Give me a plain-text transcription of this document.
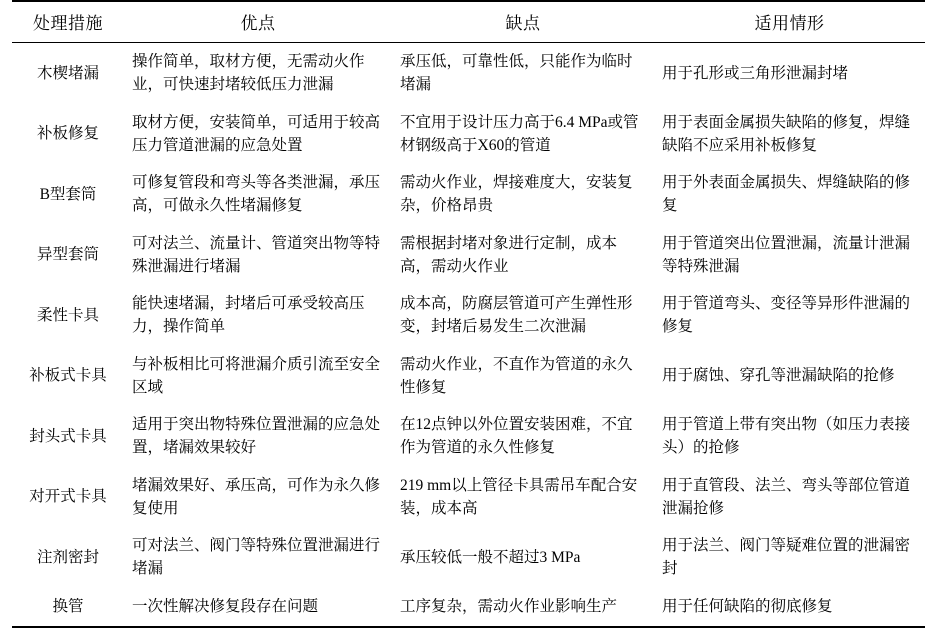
处理措施	优点	缺点	适用情形
木楔堵漏	操作简单，取材方便，无需动火作业，可快速封堵较低压力泄漏	承压低，可靠性低，只能作为临时堵漏	用于孔形或三角形泄漏封堵
补板修复	取材方便，安装简单，可适用于较高压力管道泄漏的应急处置	不宜用于设计压力高于6.4 MPa或管材钢级高于X60的管道	用于表面金属损失缺陷的修复，焊缝缺陷不应采用补板修复
B型套筒	可修复管段和弯头等各类泄漏，承压高，可做永久性堵漏修复	需动火作业，焊接难度大，安装复杂，价格昂贵	用于外表面金属损失、焊缝缺陷的修复
异型套筒	可对法兰、流量计、管道突出物等特殊泄漏进行堵漏	需根据封堵对象进行定制，成本高，需动火作业	用于管道突出位置泄漏，流量计泄漏等特殊泄漏
柔性卡具	能快速堵漏，封堵后可承受较高压力，操作简单	成本高，防腐层管道可产生弹性形变，封堵后易发生二次泄漏	用于管道弯头、变径等异形件泄漏的修复
补板式卡具	与补板相比可将泄漏介质引流至安全区域	需动火作业，不直作为管道的永久性修复	用于腐蚀、穿孔等泄漏缺陷的抢修
封头式卡具	适用于突出物特殊位置泄漏的应急处置，堵漏效果较好	在12点钟以外位置安装困难，不宜作为管道的永久性修复	用于管道上带有突出物（如压力表接头）的抢修
对开式卡具	堵漏效果好、承压高，可作为永久修复使用	219 mm以上管径卡具需吊车配合安装，成本高	用于直管段、法兰、弯头等部位管道泄漏抢修
注剂密封	可对法兰、阀门等特殊位置泄漏进行堵漏	承压较低一般不超过3 MPa	用于法兰、阀门等疑难位置的泄漏密封
换管	一次性解决修复段存在问题	工序复杂，需动火作业影响生产	用于任何缺陷的彻底修复
